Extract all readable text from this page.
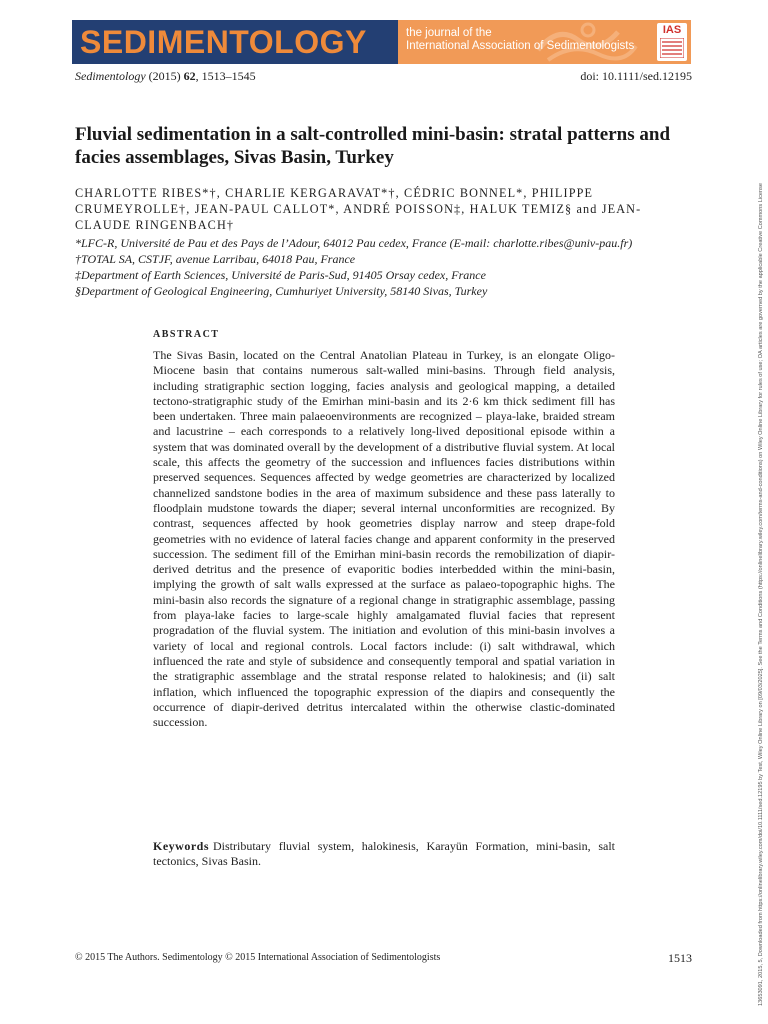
SEDIMENTOLOGY	the journal of the
International Association of Sedimentologists
IAS
Sedimentology (2015) 62, 1513–1545	doi: 10.1111/sed.12195
Fluvial sedimentation in a salt-controlled mini-basin: stratal patterns and facies assemblages, Sivas Basin, Turkey
CHARLOTTE RIBES*†, CHARLIE KERGARAVAT*†, CÉDRIC BONNEL*, PHILIPPE CRUMEYROLLE†, JEAN-PAUL CALLOT*, ANDRÉ POISSON‡, HALUK TEMIZ§ and JEAN-CLAUDE RINGENBACH†
*LFC-R, Université de Pau et des Pays de l’Adour, 64012 Pau cedex, France (E-mail: charlotte.ribes@univ-pau.fr)
†TOTAL SA, CSTJF, avenue Larribau, 64018 Pau, France
‡Department of Earth Sciences, Université de Paris-Sud, 91405 Orsay cedex, France
§Department of Geological Engineering, Cumhuriyet University, 58140 Sivas, Turkey
ABSTRACT
The Sivas Basin, located on the Central Anatolian Plateau in Turkey, is an elongate Oligo-Miocene basin that contains numerous salt-walled mini-basins. Through field analysis, including stratigraphic section logging, facies analysis and geological mapping, a detailed tectono-stratigraphic study of the Emirhan mini-basin and its 2·6 km thick sediment fill has been undertaken. Three main palaeoenvironments are recognized – playa-lake, braided stream and lacustrine – each corresponds to a relatively long-lived depositional episode within a system that was dominated overall by the development of a distributive fluvial system. At local scale, this affects the geometry of the succession and influences facies distributions within preserved sequences. Sequences affected by wedge geometries are characterized by localized channelized sandstone bodies in the area of maximum subsidence and these pass laterally to floodplain mudstone towards the diaper; several internal unconformities are recognized. By contrast, sequences affected by hook geometries display narrow and steep drape-fold geometries with no evidence of lateral facies change and apparent conformity in the preserved succession. The sediment fill of the Emirhan mini-basin records the remobilization of diapir-derived detritus and the presence of evaporitic bodies interbedded within the mini-basin, implying the growth of salt walls expressed at the surface as palaeo-topographic highs. The mini-basin also records the signature of a regional change in stratigraphic assemblage, passing from playa-lake facies to large-scale highly amalgamated fluvial facies that represent progradation of the fluvial system. The initiation and evolution of this mini-basin involves a variety of local and regional controls. Local factors include: (i) salt withdrawal, which influenced the rate and style of subsidence and consequently temporal and spatial variation in the stratigraphic assemblage and the stratal response related to halokinesis; and (ii) salt inflation, which influenced the topographic expression of the diapirs and consequently the occurrence of diapir-derived detritus intercalated within the otherwise clastic-dominated succession.
Keywords Distributary fluvial system, halokinesis, Karayün Formation, mini-basin, salt tectonics, Sivas Basin.
© 2015 The Authors. Sedimentology © 2015 International Association of Sedimentologists	1513	13653091, 2015, 5, Downloaded from https://onlinelibrary.wiley.com/doi/10.1111/sed.12195 by Test, Wiley Online Library on [09/03/2025]. See the Terms and Conditions (https://onlinelibrary.wiley.com/terms-and-conditions) on Wiley Online Library for rules of use; OA articles are governed by the applicable Creative Commons License
